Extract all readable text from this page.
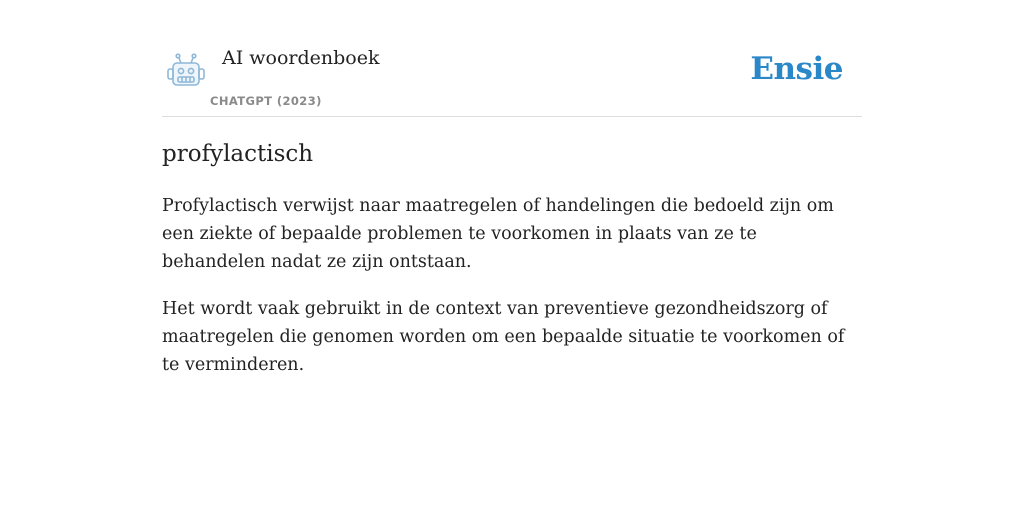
AI woordenboek
CHATGPT (2023)
Ensie
profylactisch

Profylactisch verwijst naar maatregelen of handelingen die bedoeld zijn om een ziekte of bepaalde problemen te voorkomen in plaats van ze te behandelen nadat ze zijn ontstaan.

Het wordt vaak gebruikt in de context van preventieve gezondheidszorg of maatregelen die genomen worden om een bepaalde situatie te voorkomen of te verminderen.
